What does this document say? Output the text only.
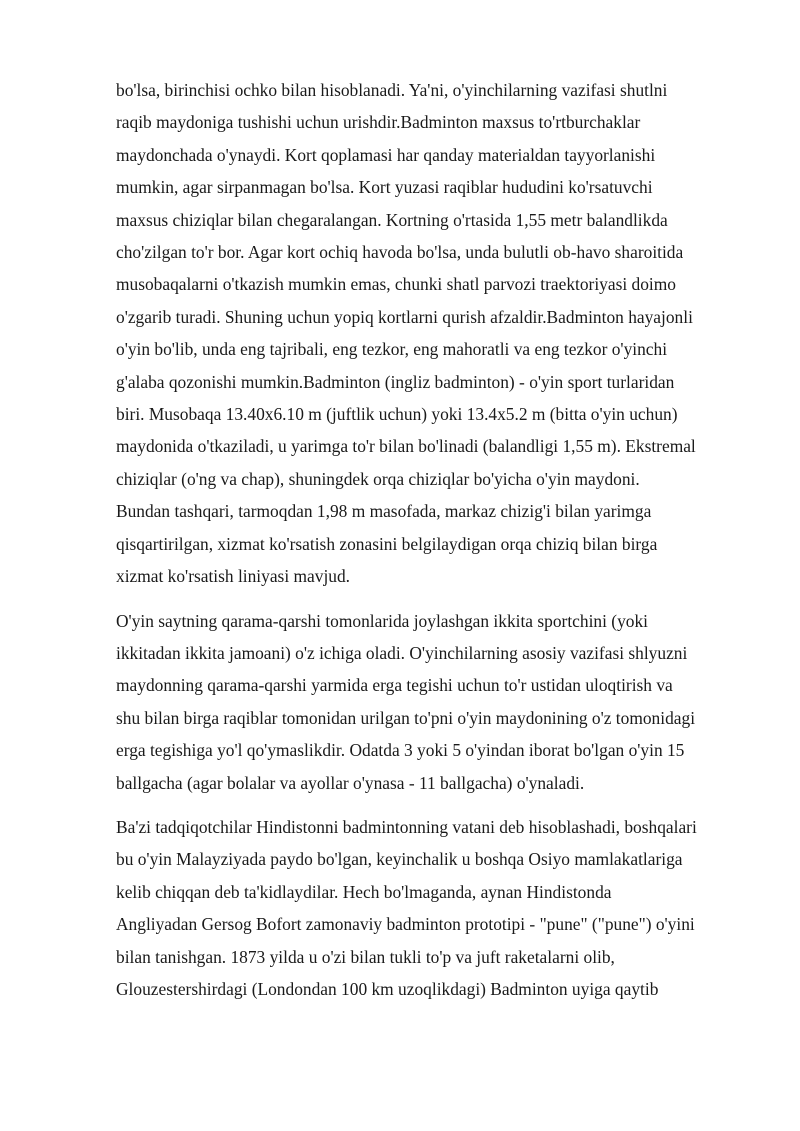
bo'lsa, birinchisi ochko bilan hisoblanadi. Ya'ni, o'yinchilarning vazifasi shutlni
raqib maydoniga tushishi uchun urishdir.Badminton maxsus to'rtburchaklar
maydonchada o'ynaydi. Kort qoplamasi har qanday materialdan tayyorlanishi
mumkin, agar sirpanmagan bo'lsa. Kort yuzasi raqiblar hududini ko'rsatuvchi
maxsus chiziqlar bilan chegaralangan. Kortning o'rtasida 1,55 metr balandlikda
cho'zilgan to'r bor. Agar kort ochiq havoda bo'lsa, unda bulutli ob-havo sharoitida
musobaqalarni o'tkazish mumkin emas, chunki shatl parvozi traektoriyasi doimo
o'zgarib turadi. Shuning uchun yopiq kortlarni qurish afzaldir.Badminton hayajonli
o'yin bo'lib, unda eng tajribali, eng tezkor, eng mahoratli va eng tezkor o'yinchi
g'alaba qozonishi mumkin.Badminton (ingliz badminton) - o'yin sport turlaridan
biri. Musobaqa 13.40x6.10 m (juftlik uchun) yoki 13.4x5.2 m (bitta o'yin uchun)
maydonida o'tkaziladi, u yarimga to'r bilan bo'linadi (balandligi 1,55 m). Ekstremal
chiziqlar (o'ng va chap), shuningdek orqa chiziqlar bo'yicha o'yin maydoni.
Bundan tashqari, tarmoqdan 1,98 m masofada, markaz chizig'i bilan yarimga
qisqartirilgan, xizmat ko'rsatish zonasini belgilaydigan orqa chiziq bilan birga
xizmat ko'rsatish liniyasi mavjud.

O'yin saytning qarama-qarshi tomonlarida joylashgan ikkita sportchini (yoki
ikkitadan ikkita jamoani) o'z ichiga oladi. O'yinchilarning asosiy vazifasi shlyuzni
maydonning qarama-qarshi yarmida erga tegishi uchun to'r ustidan uloqtirish va
shu bilan birga raqiblar tomonidan urilgan to'pni o'yin maydonining o'z tomonidagi
erga tegishiga yo'l qo'ymaslikdir. Odatda 3 yoki 5 o'yindan iborat bo'lgan o'yin 15
ballgacha (agar bolalar va ayollar o'ynasa - 11 ballgacha) o'ynaladi.

Ba'zi tadqiqotchilar Hindistonni badmintonning vatani deb hisoblashadi, boshqalari
bu o'yin Malayziyada paydo bo'lgan, keyinchalik u boshqa Osiyo mamlakatlariga
kelib chiqqan deb ta'kidlaydilar. Hech bo'lmaganda, aynan Hindistonda
Angliyadan Gersog Bofort zamonaviy badminton prototipi - "pune" ("pune") o'yini
bilan tanishgan. 1873 yilda u o'zi bilan tukli to'p va juft raketalarni olib,
Glouzestershirdagi (Londondan 100 km uzoqlikdagi) Badminton uyiga qaytib
